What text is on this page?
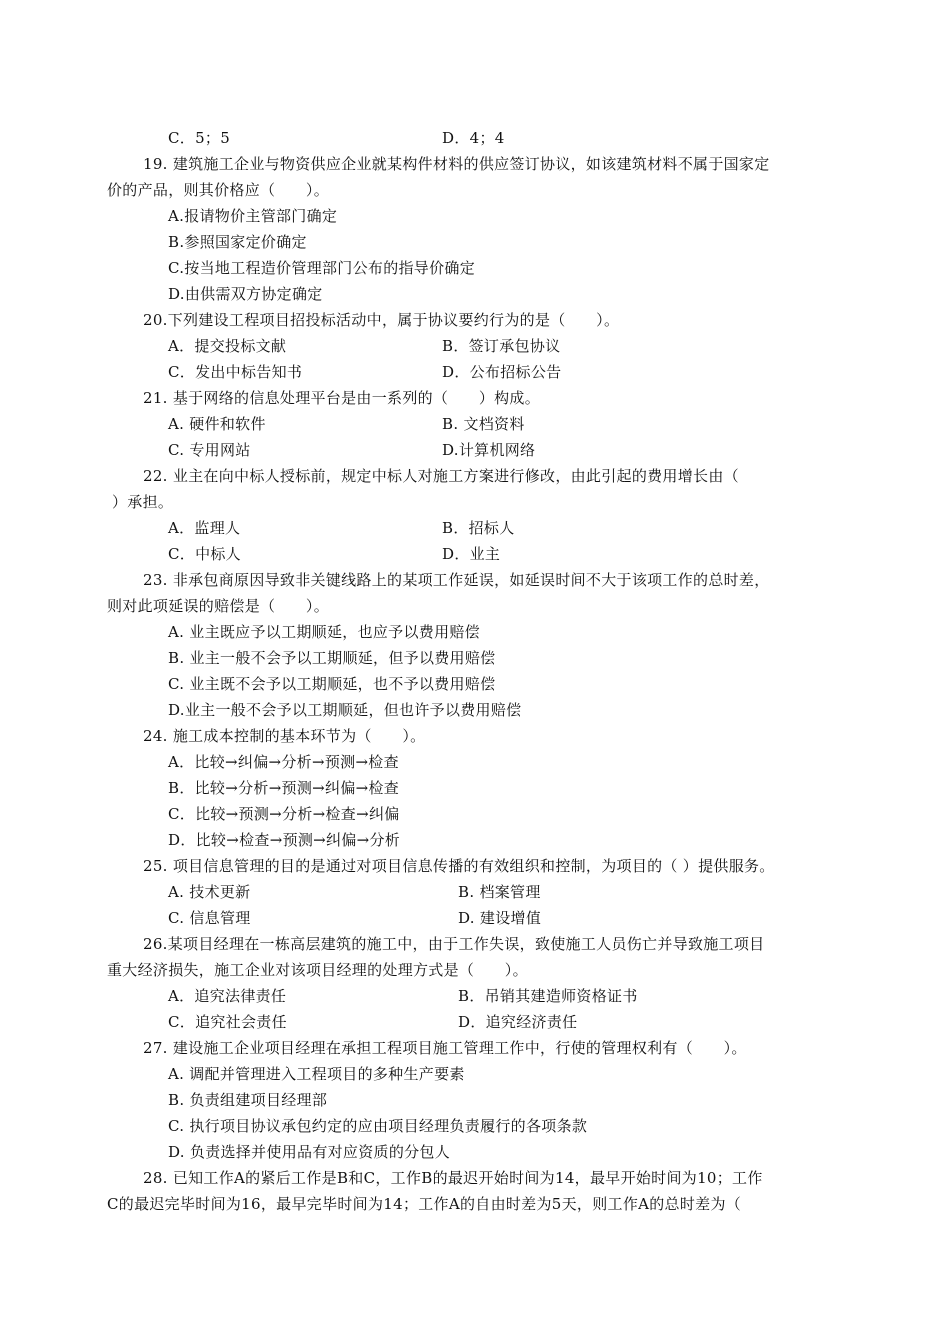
C．5；5	D．4；4
19. 建筑施工企业与物资供应企业就某构件材料的供应签订协议，如该建筑材料不属于国家定
价的产品，则其价格应（　　）。
A.报请物价主管部门确定
B.参照国家定价确定
C.按当地工程造价管理部门公布的指导价确定
D.由供需双方协定确定
20.下列建设工程项目招投标活动中，属于协议要约行为的是（　　）。
A．提交投标文献	B．签订承包协议
C．发出中标告知书	D．公布招标公告
21. 基于网络的信息处理平台是由一系列的（　　）构成。
A. 硬件和软件	B. 文档资料
C. 专用网站	D.计算机网络
22. 业主在向中标人授标前，规定中标人对施工方案进行修改，由此引起的费用增长由（
）承担。
A．监理人	B．招标人
C．中标人	D．业主
23. 非承包商原因导致非关键线路上的某项工作延误，如延误时间不大于该项工作的总时差，
则对此项延误的赔偿是（　　）。
A. 业主既应予以工期顺延，也应予以费用赔偿
B. 业主一般不会予以工期顺延，但予以费用赔偿
C. 业主既不会予以工期顺延，也不予以费用赔偿
D.业主一般不会予以工期顺延，但也许予以费用赔偿
24. 施工成本控制的基本环节为（　　）。
A．比较→纠偏→分析→预测→检查
B．比较→分析→预测→纠偏→检查
C．比较→预测→分析→检查→纠偏
D．比较→检查→预测→纠偏→分析
25. 项目信息管理的目的是通过对项目信息传播的有效组织和控制，为项目的（ ）提供服务。
A. 技术更新	B. 档案管理
C. 信息管理	D. 建设增值
26.某项目经理在一栋高层建筑的施工中，由于工作失误，致使施工人员伤亡并导致施工项目
重大经济损失，施工企业对该项目经理的处理方式是（　　）。
A．追究法律责任	B．吊销其建造师资格证书
C．追究社会责任	D．追究经济责任
27. 建设施工企业项目经理在承担工程项目施工管理工作中，行使的管理权利有（　　）。
A. 调配并管理进入工程项目的多种生产要素
B. 负责组建项目经理部
C. 执行项目协议承包约定的应由项目经理负责履行的各项条款
D. 负责选择并使用品有对应资质的分包人
28. 已知工作A的紧后工作是B和C，工作B的最迟开始时间为14，最早开始时间为10；工作
C的最迟完毕时间为16，最早完毕时间为14；工作A的自由时差为5天，则工作A的总时差为（
